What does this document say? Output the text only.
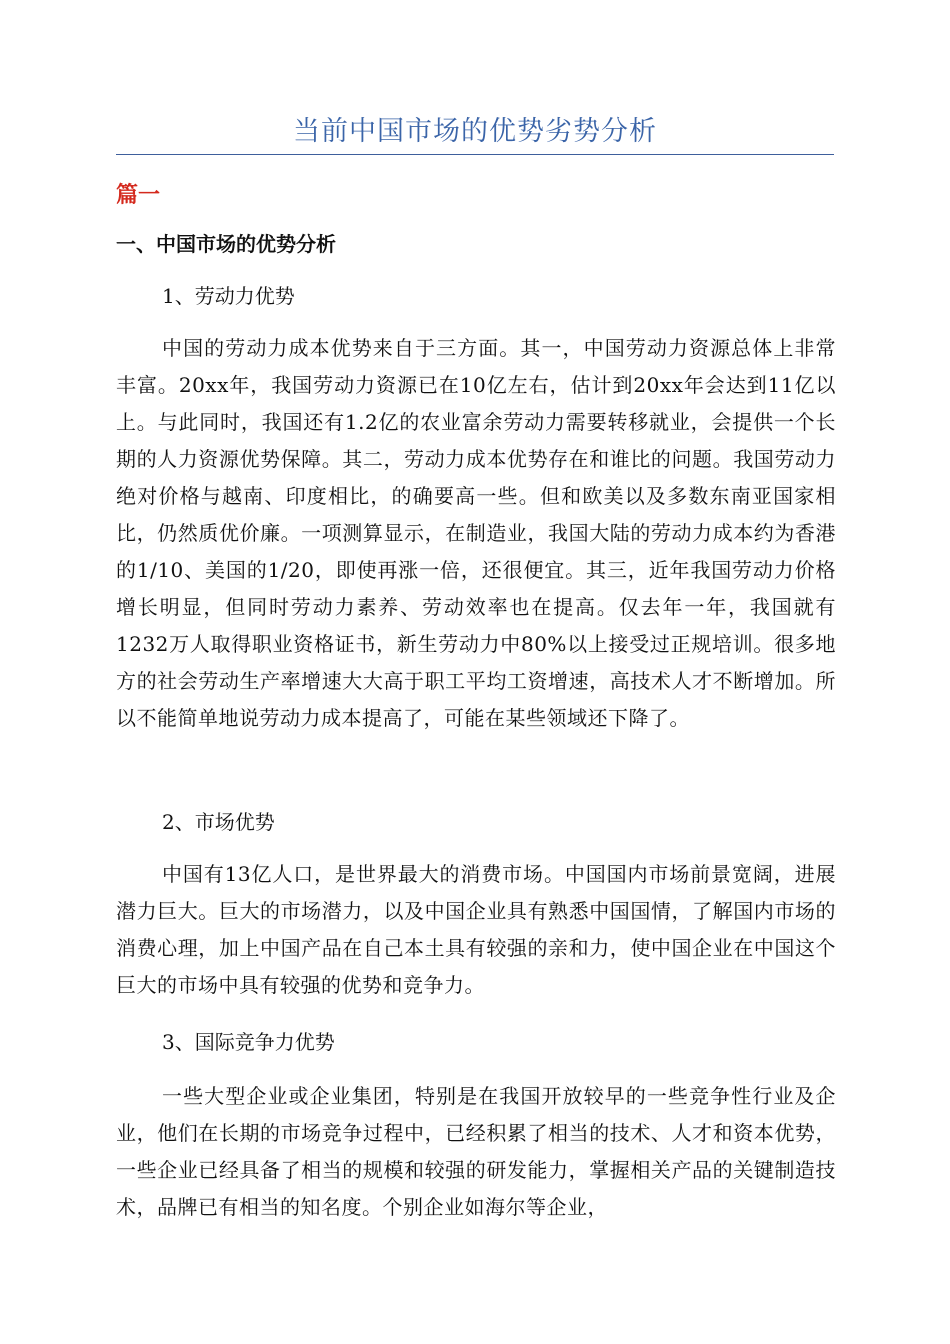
当前中国市场的优势劣势分析
篇一
一、中国市场的优势分析
1、劳动力优势

中国的劳动力成本优势来自于三方面。其一，中国劳动力资源总体上非常丰富。20xx年，我国劳动力资源已在10亿左右，估计到20xx年会达到11亿以上。与此同时，我国还有1.2亿的农业富余劳动力需要转移就业，会提供一个长期的人力资源优势保障。其二，劳动力成本优势存在和谁比的问题。我国劳动力绝对价格与越南、印度相比，的确要高一些。但和欧美以及多数东南亚国家相比，仍然质优价廉。一项测算显示，在制造业，我国大陆的劳动力成本约为香港的1/10、美国的1/20，即使再涨一倍，还很便宜。其三，近年我国劳动力价格增长明显，但同时劳动力素养、劳动效率也在提高。仅去年一年，我国就有1232万人取得职业资格证书，新生劳动力中80%以上接受过正规培训。很多地方的社会劳动生产率增速大大高于职工平均工资增速，高技术人才不断增加。所以不能简单地说劳动力成本提高了，可能在某些领域还下降了。

2、市场优势

中国有13亿人口，是世界最大的消费市场。中国国内市场前景宽阔，进展潜力巨大。巨大的市场潜力，以及中国企业具有熟悉中国国情，了解国内市场的消费心理，加上中国产品在自己本土具有较强的亲和力，使中国企业在中国这个巨大的市场中具有较强的优势和竞争力。

3、国际竞争力优势

一些大型企业或企业集团，特别是在我国开放较早的一些竞争性行业及企业，他们在长期的市场竞争过程中，已经积累了相当的技术、人才和资本优势，一些企业已经具备了相当的规模和较强的研发能力，掌握相关产品的关键制造技术，品牌已有相当的知名度。个别企业如海尔等企业，
